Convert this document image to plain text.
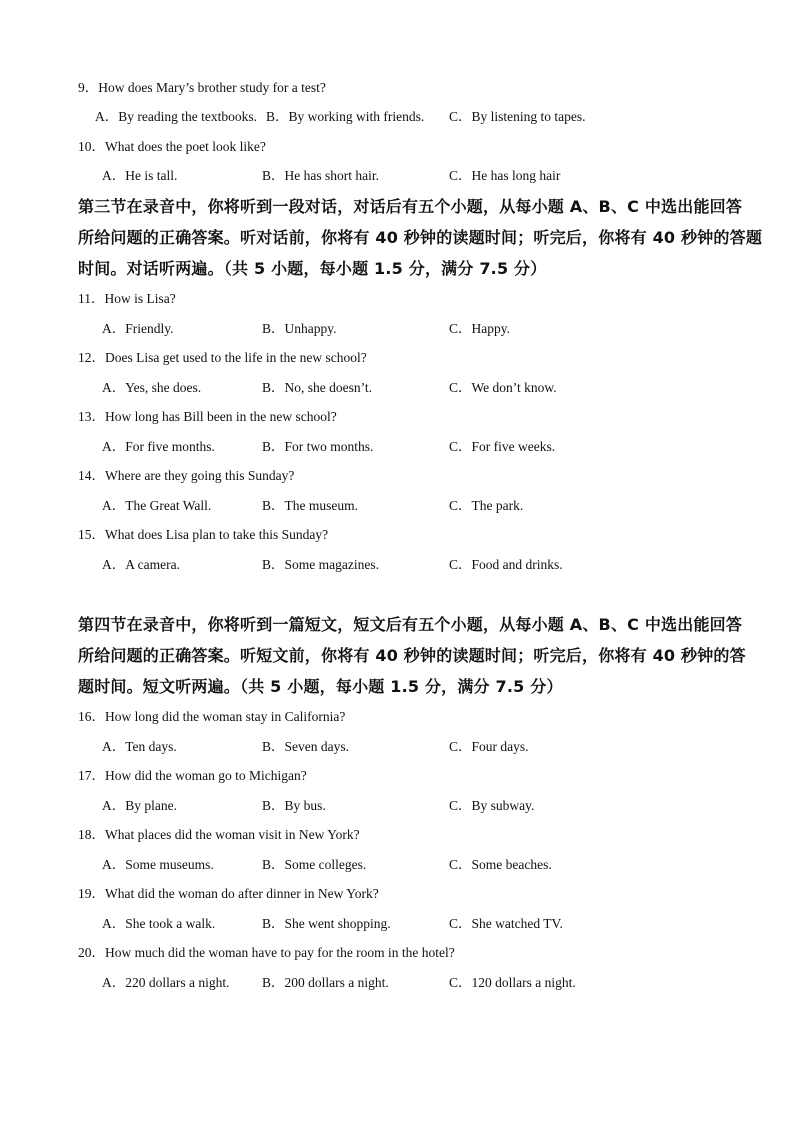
9．How does Mary’s brother study for a test?
A．By reading the textbooks. B．By working with friends. C．By listening to tapes.
10．What does the poet look like?
A．He is tall.	B．He has short hair.	C．He has long hair
第三节在录音中，你将听到一段对话，对话后有五个小题，从每小题 A、B、C 中选出能回答
所给问题的正确答案。听对话前，你将有 40 秒钟的读题时间；听完后，你将有 40 秒钟的答题
时间。对话听两遍。（共 5 小题，每小题 1.5 分，满分 7.5 分）
11．How is Lisa?
A．Friendly.	B．Unhappy.	C．Happy.
12．Does Lisa get used to the life in the new school?
A．Yes, she does.	B．No, she doesn’t.	C．We don’t know.
13．How long has Bill been in the new school?
A．For five months.	B．For two months.	C．For five weeks.
14．Where are they going this Sunday?
A．The Great Wall.	B．The museum.	C．The park.
15．What does Lisa plan to take this Sunday?
A．A camera.	B．Some magazines.	C．Food and drinks.
第四节在录音中，你将听到一篇短文，短文后有五个小题，从每小题 A、B、C 中选出能回答
所给问题的正确答案。听短文前，你将有 40 秒钟的读题时间；听完后，你将有 40 秒钟的答
题时间。短文听两遍。（共 5 小题，每小题 1.5 分，满分 7.5 分）
16．How long did the woman stay in California?
A．Ten days.	B．Seven days.	C．Four days.
17．How did the woman go to Michigan?
A．By plane.	B．By bus.	C．By subway.
18．What places did the woman visit in New York?
A．Some museums.	B．Some colleges.	C．Some beaches.
19．What did the woman do after dinner in New York?
A．She took a walk.	B．She went shopping.	C．She watched TV.
20．How much did the woman have to pay for the room in the hotel?
A．220 dollars a night. B．200 dollars a night.	C．120 dollars a night.
